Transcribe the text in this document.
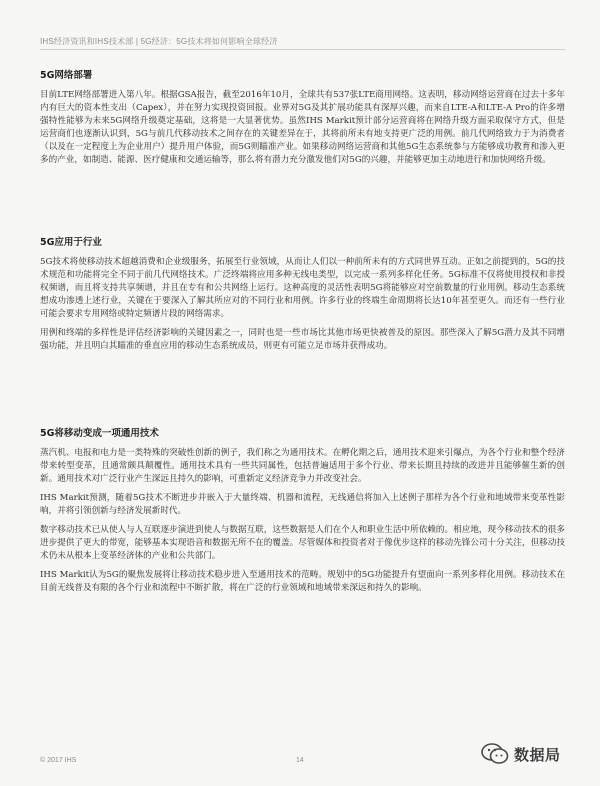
IHS经济资讯和IHS技术部 | 5G经济：5G技术将如何影响全球经济
5G网络部署

目前LTE网络部署进入第八年。根据GSA报告，截至2016年10月，全球共有537张LTE商用网络。这表明，移动网络运营商在过去十多年内有巨大的资本性支出（Capex），并在努力实现投资回报。业界对5G及其扩展功能具有深厚兴趣，而来自LTE-A和LTE-A Pro的许多增强特性能够为未来5G网络升级奠定基础，这将是一大显著优势。虽然IHS Markit预计部分运营商将在网络升级方面采取保守方式，但是运营商们也逐渐认识到，5G与前几代移动技术之间存在的关键差异在于，其将前所未有地支持更广泛的用例。前几代网络致力于为消费者（以及在一定程度上为企业用户）提升用户体验，而5G则瞄准产业。如果移动网络运营商和其他5G生态系统参与方能够成功教育和渗入更多的产业，如制造、能源、医疗健康和交通运输等，那么将有潜力充分激发他们对5G的兴趣，并能够更加主动地进行和加快网络升级。

5G应用于行业

5G技术将使移动技术超越消费和企业级服务，拓展至行业领域，从而让人们以一种前所未有的方式同世界互动。正如之前提到的，5G的技术规范和功能将完全不同于前几代网络技术。广泛终端将应用多种无线电类型，以完成一系列多样化任务。5G标准不仅将使用授权和非授权频谱，而且将支持共享频谱，并且在专有和公共网络上运行。这种高度的灵活性表明5G将能够应对空前数量的行业用例。移动生态系统想成功渗透上述行业，关键在于要深入了解其所应对的不同行业和用例。许多行业的终端生命周期将长达10年甚至更久。而还有一些行业可能会要求专用网络或特定频谱片段的网络需求。

用例和终端的多样性是评估经济影响的关键因素之一，同时也是一些市场比其他市场更快被普及的原因。那些深入了解5G潜力及其不同增强功能，并且明白其瞄准的垂直应用的移动生态系统成员，则更有可能立足市场并获得成功。

5G将移动变成一项通用技术

蒸汽机、电报和电力是一类特殊的突破性创新的例子，我们称之为通用技术。在孵化期之后，通用技术迎来引爆点，为各个行业和整个经济带来转型变革，且通常颇具颠覆性。通用技术具有一些共同属性，包括普遍适用于多个行业、带来长期且持续的改进并且能够催生新的创新。通用技术对广泛行业产生深远且持久的影响，可重新定义经济竞争力并改变社会。

IHS Markit预测，随着5G技术不断进步并嵌入于大量终端、机器和流程，无线通信将加入上述例子那样为各个行业和地域带来变革性影响，并将引领创新与经济发展新时代。

数字移动技术已从使人与人互联逐步演进到使人与数据互联，这些数据是人们在个人和职业生活中所依赖的。相应地，现今移动技术的很多进步提供了更大的带宽，能够基本实现语音和数据无所不在的覆盖。尽管媒体和投资者对于像优步这样的移动先锋公司十分关注，但移动技术仍未从根本上变革经济体的产业和公共部门。

IHS Markit认为5G的聚焦发展将让移动技术稳步进入至通用技术的范畴。规划中的5G功能提升有望面向一系列多样化用例。移动技术在目前无线普及有限的各个行业和流程中不断扩散，将在广泛的行业领域和地域带来深远和持久的影响。

© 2017 IHS	14	数据局
